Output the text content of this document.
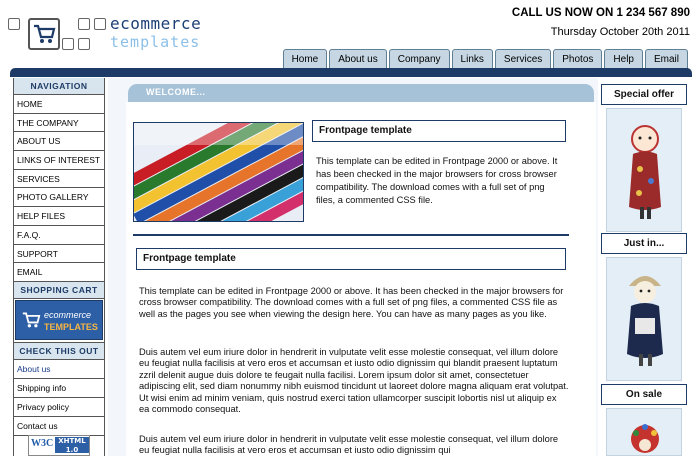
ecommerce
templates
CALL US NOW ON 1 234 567 890
Thursday October 20th 2011
Home	About us	Company	Links	Services	Photos	Help	Email
NAVIGATION
HOME
THE COMPANY
ABOUT US
LINKS OF INTEREST
SERVICES
PHOTO GALLERY
HELP FILES
F.A.Q.
SUPPORT
EMAIL
SHOPPING CART
ecommerce
TEMPLATES
CHECK THIS OUT
About us
Shipping info
Privacy policy
Contact us
W3C XHTML 1.0
WELCOME...
Frontpage template
This template can be edited in Frontpage 2000 or above. It has been checked in the major browsers for cross browser compatibility. The download comes with a full set of png files, a commented CSS file.
Frontpage template
This template can be edited in Frontpage 2000 or above. It has been checked in the major browsers for cross browser compatibility. The download comes with a full set of png files, a commented CSS file as well as the pages you see when viewing the design here. You can have as many pages as you like.
Duis autem vel eum iriure dolor in hendrerit in vulputate velit esse molestie consequat, vel illum dolore eu feugiat nulla facilisis at vero eros et accumsan et iusto odio dignissim qui blandit praesent luptatum zzril delenit augue duis dolore te feugait nulla facilisi. Lorem ipsum dolor sit amet, consectetuer adipiscing elit, sed diam nonummy nibh euismod tincidunt ut laoreet dolore magna aliquam erat volutpat. Ut wisi enim ad minim veniam, quis nostrud exerci tation ullamcorper suscipit lobortis nisl ut aliquip ex ea commodo consequat.
Duis autem vel eum iriure dolor in hendrerit in vulputate velit esse molestie consequat, vel illum dolore eu feugiat nulla facilisis at vero eros et accumsan et iusto odio dignissim qui
Special offer
Just in...
On sale
